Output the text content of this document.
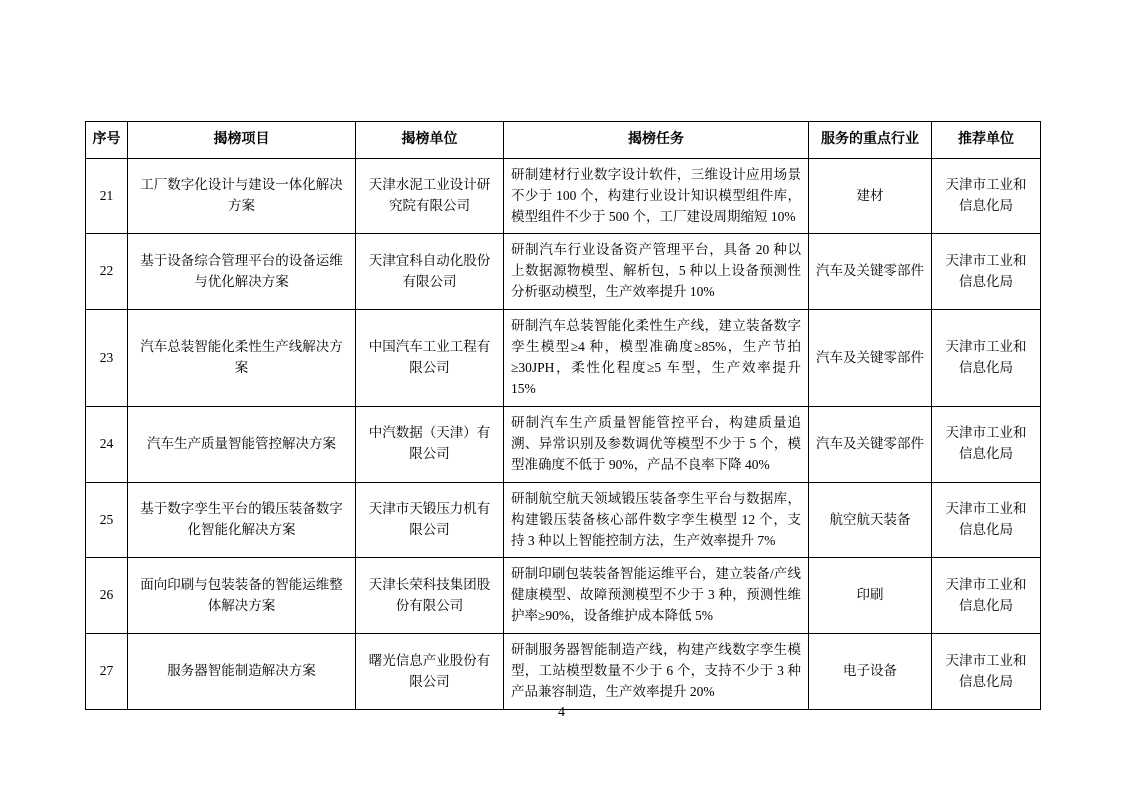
序号	揭榜项目	揭榜单位	揭榜任务	服务的重点行业	推荐单位
21	工厂数字化设计与建设一体化解决方案	天津水泥工业设计研究院有限公司	研制建材行业数字设计软件，三维设计应用场景不少于 100 个，构建行业设计知识模型组件库，模型组件不少于 500 个，工厂建设周期缩短 10%	建材	天津市工业和信息化局
22	基于设备综合管理平台的设备运维与优化解决方案	天津宜科自动化股份有限公司	研制汽车行业设备资产管理平台，具备 20 种以上数据源物模型、解析包，5 种以上设备预测性分析驱动模型，生产效率提升 10%	汽车及关键零部件	天津市工业和信息化局
23	汽车总装智能化柔性生产线解决方案	中国汽车工业工程有限公司	研制汽车总装智能化柔性生产线，建立装备数字孪生模型≥4 种，模型准确度≥85%，生产节拍≥30JPH，柔性化程度≥5 车型，生产效率提升 15%	汽车及关键零部件	天津市工业和信息化局
24	汽车生产质量智能管控解决方案	中汽数据（天津）有限公司	研制汽车生产质量智能管控平台，构建质量追溯、异常识别及参数调优等模型不少于 5 个，模型准确度不低于 90%，产品不良率下降 40%	汽车及关键零部件	天津市工业和信息化局
25	基于数字孪生平台的锻压装备数字化智能化解决方案	天津市天锻压力机有限公司	研制航空航天领域锻压装备孪生平台与数据库，构建锻压装备核心部件数字孪生模型 12 个，支持 3 种以上智能控制方法，生产效率提升 7%	航空航天装备	天津市工业和信息化局
26	面向印刷与包装装备的智能运维整体解决方案	天津长荣科技集团股份有限公司	研制印刷包装装备智能运维平台，建立装备/产线健康模型、故障预测模型不少于 3 种，预测性维护率≥90%，设备维护成本降低 5%	印刷	天津市工业和信息化局
27	服务器智能制造解决方案	曙光信息产业股份有限公司	研制服务器智能制造产线，构建产线数字孪生模型，工站模型数量不少于 6 个，支持不少于 3 种产品兼容制造，生产效率提升 20%	电子设备	天津市工业和信息化局
4
